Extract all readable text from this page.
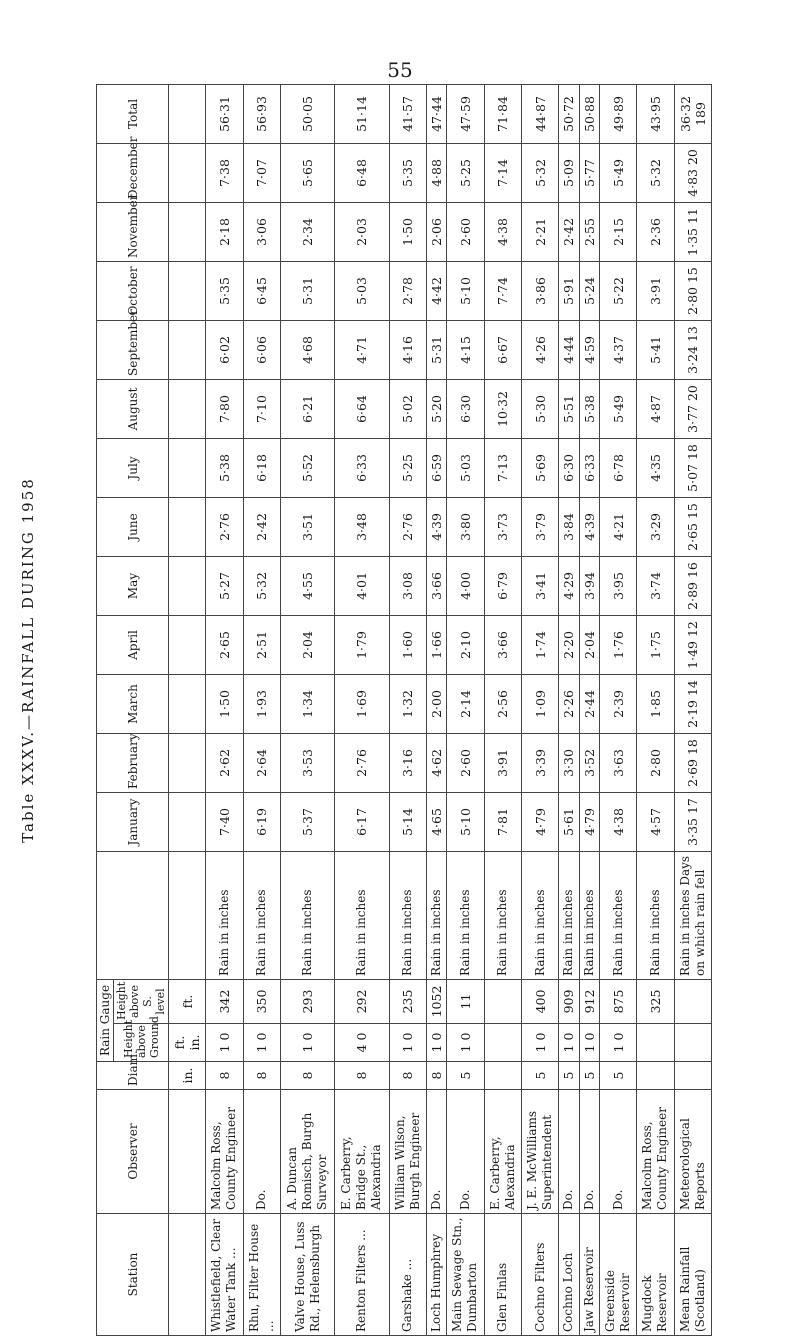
55
Table XXXV.—RAINFALL DURING 1958
Station	Observer	Diam.	Rain Gauge			January	February	March	April	May	June	July	August	September	October	November	December	Total
			Height above Ground	Height above S. level														
		in.	ft. in.	ft.														
Whistlefield, Clear Water Tank ...	Malcolm Ross, County Engineer	8	1 0	342	Rain in inches	7·40	2·62	1·50	2·65	5·27	2·76	5·38	7·80	6·02	5·35	2·18	7·38	56·31
Rhu, Filter House ...	Do.	8	1 0	350	Rain in inches	6·19	2·64	1·93	2·51	5·32	2·42	6·18	7·10	6·06	6·45	3·06	7·07	56·93
Valve House, Luss Rd., Helensburgh	A. Duncan Romisch, Burgh Surveyor	8	1 0	293	Rain in inches	5·37	3·53	1·34	2·04	4·55	3·51	5·52	6·21	4·68	5·31	2·34	5·65	50·05
Renton Filters ...	E. Carberry, Bridge St., Alexandria	8	4 0	292	Rain in inches	6·17	2·76	1·69	1·79	4·01	3·48	6·33	6·64	4·71	5·03	2·03	6·48	51·14
Garshake ...	William Wilson, Burgh Engineer	8	1 0	235	Rain in inches	5·14	3·16	1·32	1·60	3·08	2·76	5·25	5·02	4·16	2·78	1·50	5·35	41·57
Loch Humphrey	Do.	8	1 0	1052	Rain in inches	4·65	4·62	2·00	1·66	3·66	4·39	6·59	5·20	5·31	4·42	2·06	4·88	47·44
Main Sewage Stn., Dumbarton	Do.	5	1 0	11	Rain in inches	5·10	2·60	2·14	2·10	4·00	3·80	5·03	6·30	4·15	5·10	2·60	5·25	47·59
Glen Finlas	E. Carberry, Alexandria				Rain in inches	7·81	3·91	2·56	3·66	6·79	3·73	7·13	10·32	6·67	7·74	4·38	7·14	71·84
Cochno Filters	J. E. McWilliams Superintendent	5	1 0	400	Rain in inches	4·79	3·39	1·09	1·74	3·41	3·79	5·69	5·30	4·26	3·86	2·21	5·32	44·87
Cochno Loch	Do.	5	1 0	909	Rain in inches	5·61	3·30	2·26	2·20	4·29	3·84	6·30	5·51	4·44	5·91	2·42	5·09	50·72
Jaw Reservoir	Do.	5	1 0	912	Rain in inches	4·79	3·52	2·44	2·04	3·94	4·39	6·33	5·38	4·59	5·24	2·55	5·77	50·88
Greenside Reservoir	Do.	5	1 0	875	Rain in inches	4·38	3·63	2·39	1·76	3·95	4·21	6·78	5·49	4·37	5·22	2·15	5·49	49·89
Mugdock Reservoir	Malcolm Ross, County Engineer			325	Rain in inches	4·57	2·80	1·85	1·75	3·74	3·29	4·35	4·87	5·41	3·91	2·36	5·32	43·95
Mean Rainfall (Scotland)	Meteorological Reports				Rain in inches Days on which rain fell	3·35 17	2·69 18	2·19 14	1·49 12	2·89 16	2·65 15	5·07 18	3·77 20	3·24 13	2·80 15	1·35 11	4·83 20	36·32 189
